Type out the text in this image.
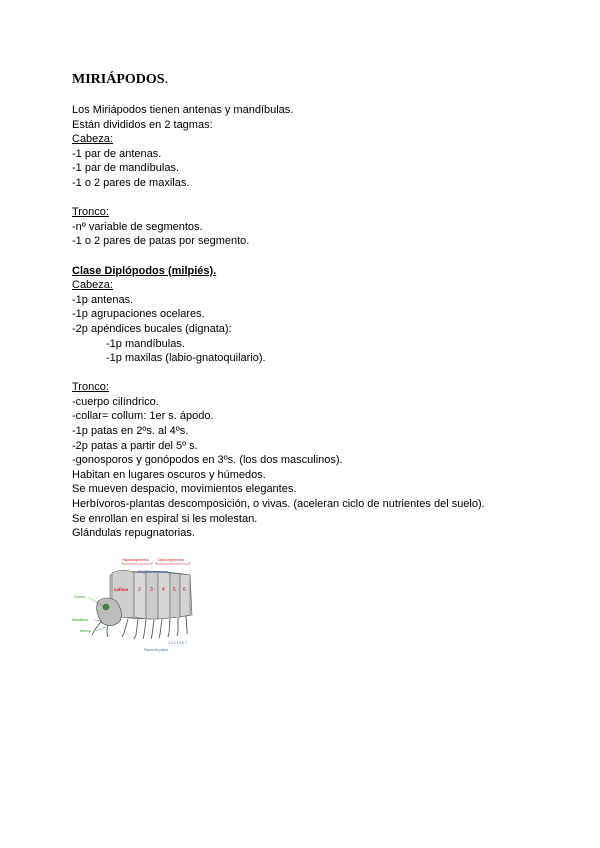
MIRIÁPODOS.
Los Miriápodos tienen antenas y mandíbulas.
Están divididos en 2 tagmas:
Cabeza:
-1 par de antenas.
-1 par de mandíbulas.
-1 o 2 pares de maxilas.
Tronco:
-nº variable de segmentos.
-1 o 2 pares de patas por segmento.
Clase Diplópodos (milpiés).
Cabeza:
-1p antenas.
-1p agrupaciones ocelares.
-2p apéndices bucales (dignata):
-1p mandíbulas.
-1p maxilas (labio-gnatoquilario).
Tronco:
-cuerpo cilíndrico.
-collar= collum: 1er s. ápodo.
-1p patas en 2ºs. al 4ºs.
-2p patas a partir del 5º s.
-gonosporos y gonópodos en 3ºs. (los dos masculinos).
Habitan en lugares oscuros y húmedos.
Se mueven despacio, movimientos elegantes.
Herbívoros-plantas descomposición, o vivas. (aceleran ciclo de nutrientes del suelo).
Se enrollan en espiral si les molestan.
Glándulas repugnatorias.
Haplosegmentos	Diplosegmentos
Terguitos corporales
collum 2 3 4 5 6
Ocelos
Mandíbula
Antena
1 2 3 4 5 6 7
Pares de patas
